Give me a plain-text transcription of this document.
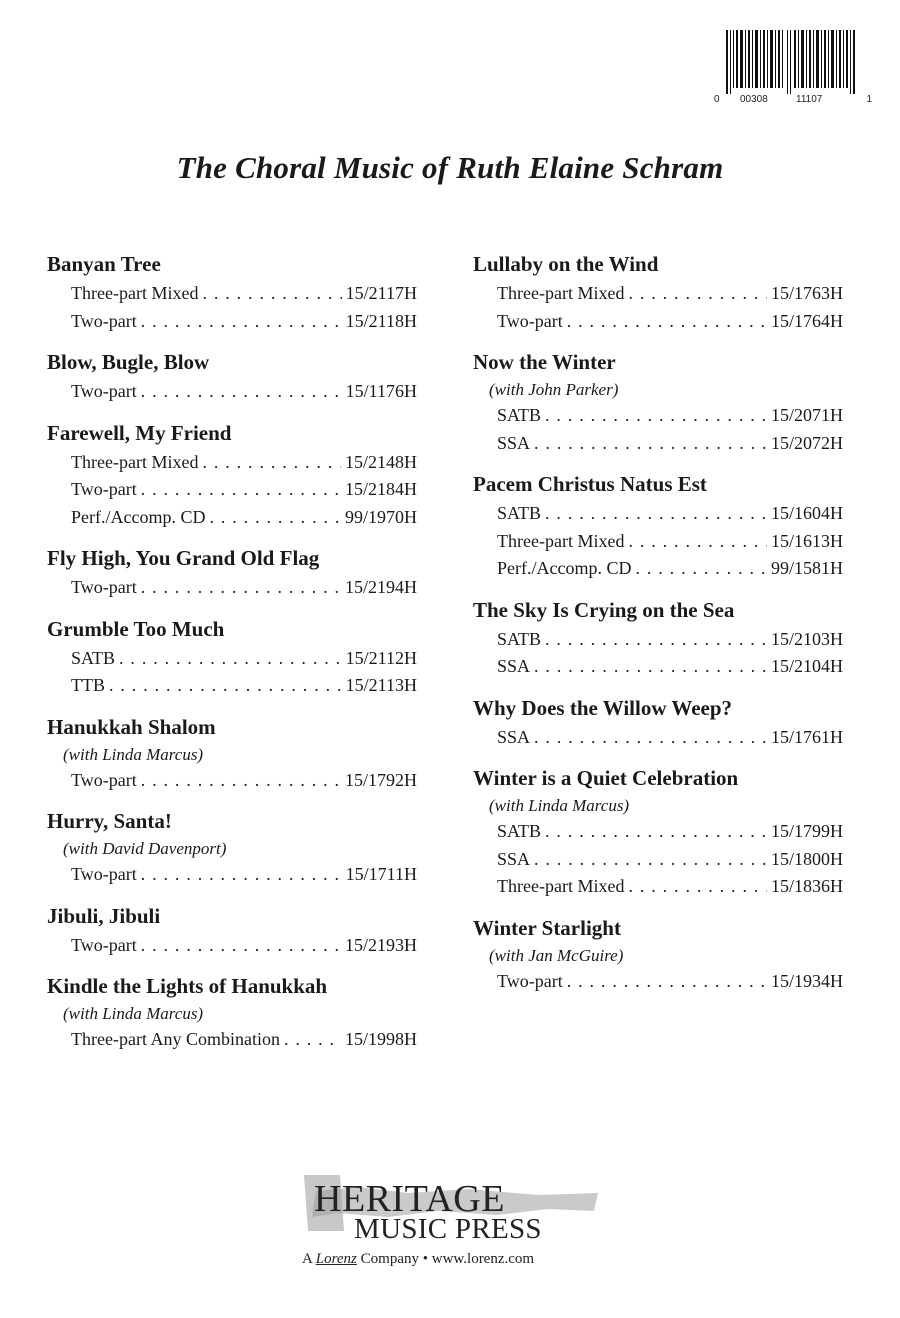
0 00308	11107	1
The Choral Music of Ruth Elaine Schram
Banyan Tree
Three-part Mixed . . .	15/2117H
Two-part . . .	15/2118H
Blow, Bugle, Blow
Two-part . . .	15/1176H
Farewell, My Friend
Three-part Mixed . . .	15/2148H
Two-part . . .	15/2184H
Perf./Accomp. CD . . .	99/1970H
Fly High, You Grand Old Flag
Two-part . . .	15/2194H
Grumble Too Much
SATB . . .	15/2112H
TTB . . .	15/2113H
Hanukkah Shalom
(with Linda Marcus)
Two-part . . .	15/1792H
Hurry, Santa!
(with David Davenport)
Two-part . . .	15/1711H
Jibuli, Jibuli
Two-part . . .	15/2193H
Kindle the Lights of Hanukkah
(with Linda Marcus)
Three-part Any Combination . . .	15/1998H
Lullaby on the Wind
Three-part Mixed . . .	15/1763H
Two-part . . .	15/1764H
Now the Winter
(with John Parker)
SATB . . .	15/2071H
SSA . . .	15/2072H
Pacem Christus Natus Est
SATB . . .	15/1604H
Three-part Mixed . . .	15/1613H
Perf./Accomp. CD . . .	99/1581H
The Sky Is Crying on the Sea
SATB . . .	15/2103H
SSA . . .	15/2104H
Why Does the Willow Weep?
SSA . . .	15/1761H
Winter is a Quiet Celebration
(with Linda Marcus)
SATB . . .	15/1799H
SSA . . .	15/1800H
Three-part Mixed . . .	15/1836H
Winter Starlight
(with Jan McGuire)
Two-part . . .	15/1934H
HERITAGE
MUSIC PRESS
A Lorenz Company • www.lorenz.com
